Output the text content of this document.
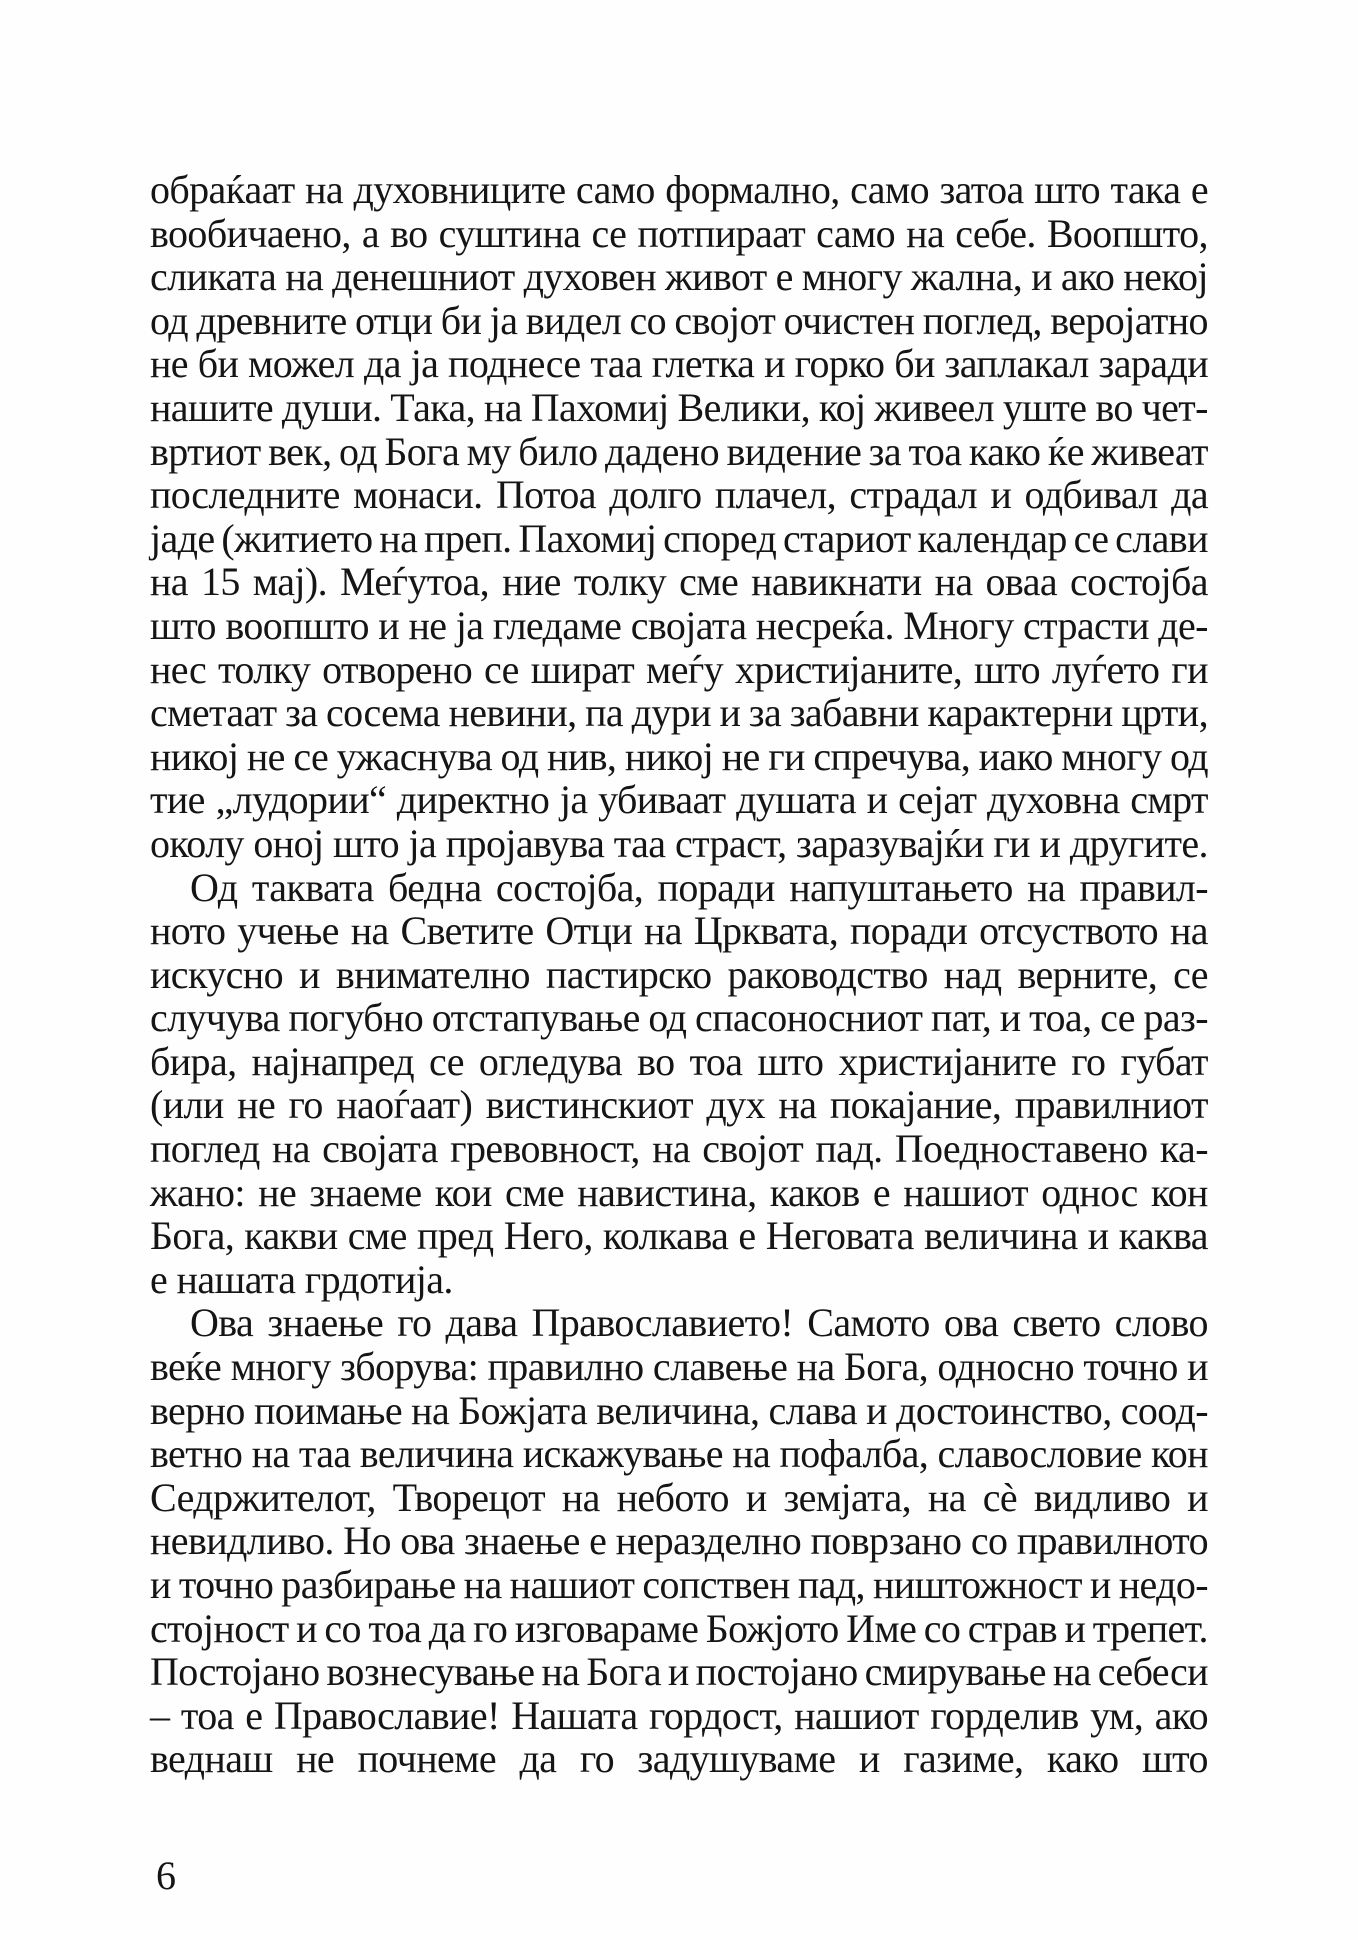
обраќаат на духовниците само формално, само затоа што така е
вообичаено, а во суштина се потпираат само на себе. Воопшто,
сликата на денешниот духовен живот е многу жална, и ако некој
од древните отци би ја видел со својот очистен поглед, веројатно
не би можел да ја поднесе таа глетка и горко би заплакал заради
нашите души. Така, на Пахомиј Велики, кој живеел уште во чет-
вртиот век, од Бога му било дадено видение за тоа како ќе живеат
последните монаси. Потоа долго плачел, страдал и одбивал да
јаде (житието на преп. Пахомиј според стариот календар се слави
на 15 мај). Меѓутоа, ние толку сме навикнати на оваа состојба
што воопшто и не ја гледаме својата несреќа. Многу страсти де-
нес толку отворено се шират меѓу христијаните, што луѓето ги
сметаат за сосема невини, па дури и за забавни карактерни црти,
никој не се ужаснува од нив, никој не ги спречува, иако многу од
тие „лудории“ директно ја убиваат душата и сејат духовна смрт
околу оној што ја пројавува таа страст, заразувајќи ги и другите.
Од таквата бедна состојба, поради напуштањето на правил-
ното учење на Светите Отци на Црквата, поради отсуството на
искусно и внимателно пастирско раководство над верните, се
случува погубно отстапување од спасоносниот пат, и тоа, се раз-
бира, најнапред се огледува во тоа што христијаните го губат
(или не го наоѓаат) вистинскиот дух на покајание, правилниот
поглед на својата гревовност, на својот пад. Поедноставено ка-
жано: не знаеме кои сме навистина, каков е нашиот однос кон
Бога, какви сме пред Него, колкава е Неговата величина и каква
е нашата грдотија.
Ова знаење го дава Православието! Самото ова свето слово
веќе многу зборува: правилно славење на Бога, односно точно и
верно поимање на Божјата величина, слава и достоинство, соод-
ветно на таа величина искажување на пофалба, славословие кон
Седржителот, Творецот на небото и земјата, на сѐ видливо и
невидливо. Но ова знаење е неразделно поврзано со правилното
и точно разбирање на нашиот сопствен пад, ништожност и недо-
стојност и со тоа да го изговараме Божјото Име со страв и трепет.
Постојано вознесување на Бога и постојано смирување на себеси
– тоа е Православие! Нашата гордост, нашиот горделив ум, ако
веднаш не почнеме да го задушуваме и газиме, како што
6
